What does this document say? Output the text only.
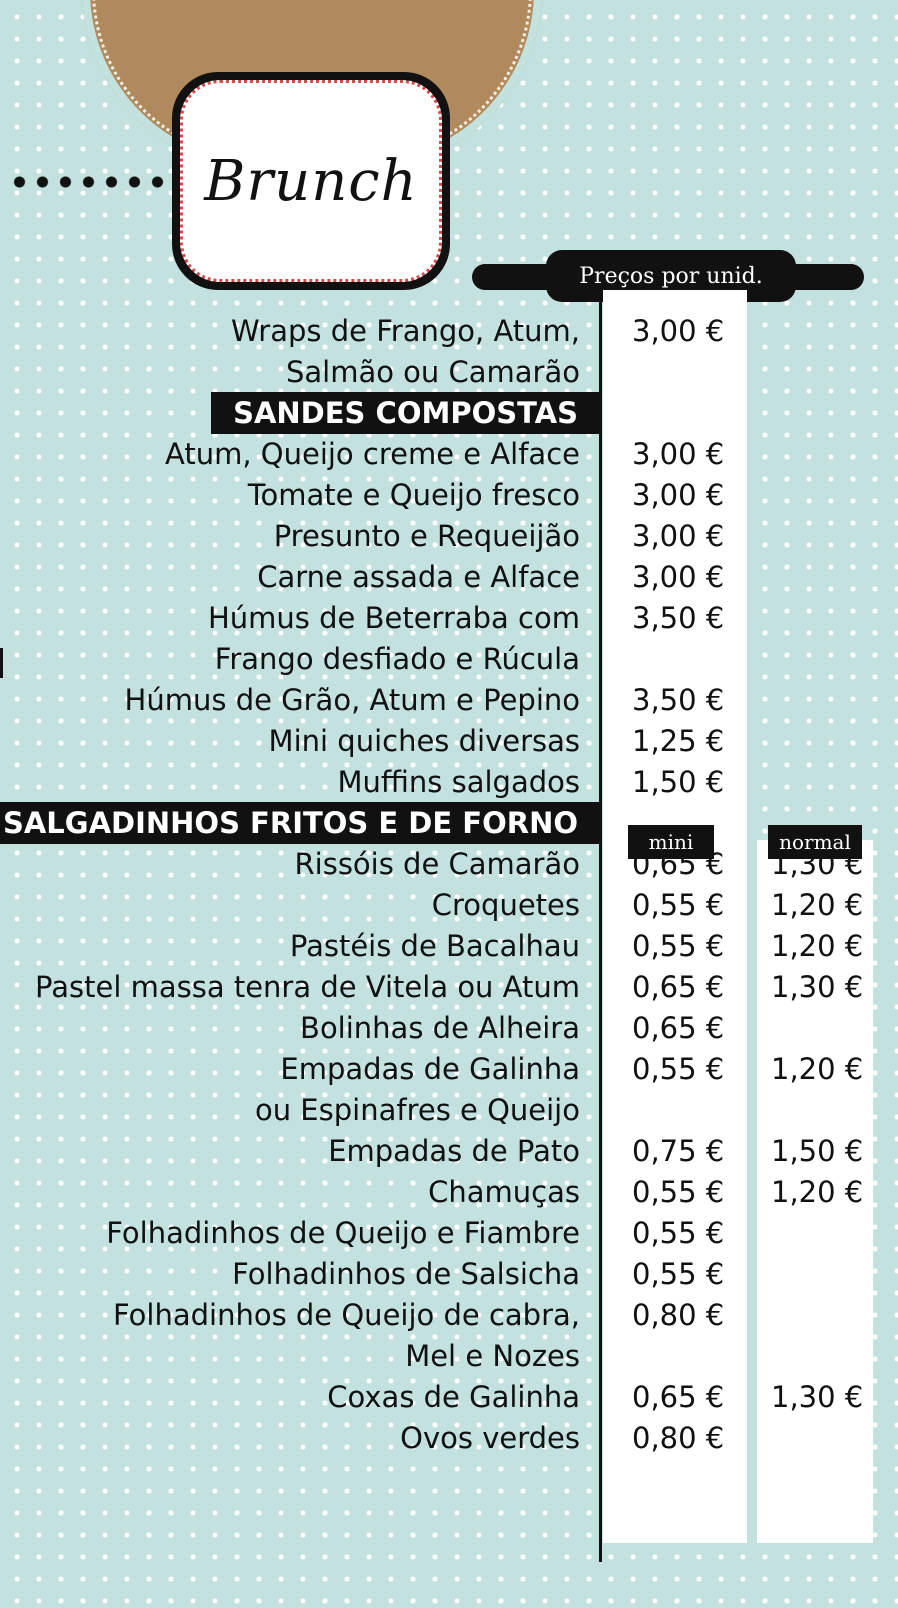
Brunch
Preços por unid.
mini	normal
Wraps de Frango, Atum, 3,00 €
Salmão ou Camarão
SANDES COMPOSTAS
Atum, Queijo creme e Alface 3,00 €
Tomate e Queijo fresco 3,00 €
Presunto e Requeijão 3,00 €
Carne assada e Alface 3,00 €
Húmus de Beterraba com 3,50 €
Frango desfiado e Rúcula
Húmus de Grão, Atum e Pepino 3,50 €
Mini quiches diversas 1,25 €
Muffins salgados 1,50 €
SALGADINHOS FRITOS E DE FORNO
Rissóis de Camarão 0,65 € 1,30 €
Croquetes 0,55 € 1,20 €
Pastéis de Bacalhau 0,55 € 1,20 €
Pastel massa tenra de Vitela ou Atum 0,65 € 1,30 €
Bolinhas de Alheira 0,65 €
Empadas de Galinha 0,55 € 1,20 €
ou Espinafres e Queijo
Empadas de Pato 0,75 € 1,50 €
Chamuças 0,55 € 1,20 €
Folhadinhos de Queijo e Fiambre 0,55 €
Folhadinhos de Salsicha 0,55 €
Folhadinhos de Queijo de cabra, 0,80 €
Mel e Nozes
Coxas de Galinha 0,65 € 1,30 €
Ovos verdes 0,80 €
